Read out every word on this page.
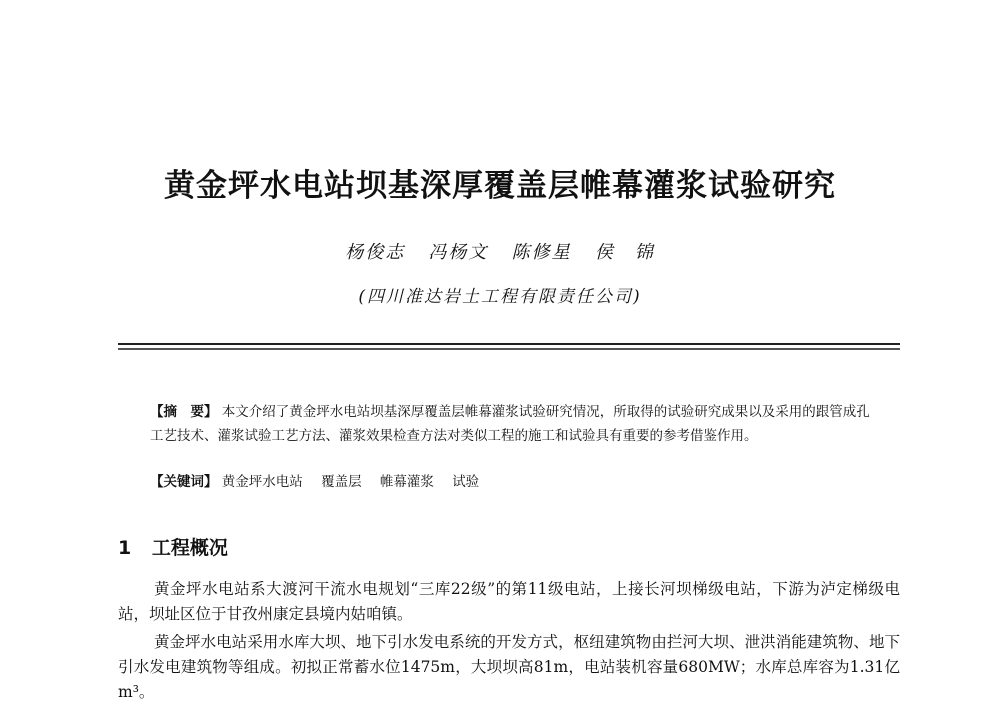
黄金坪水电站坝基深厚覆盖层帷幕灌浆试验研究
杨俊志 冯杨文 陈修星 侯　锦
(四川准达岩土工程有限责任公司)
【摘　要】 本文介绍了黄金坪水电站坝基深厚覆盖层帷幕灌浆试验研究情况，所取得的试验研究成果以及采用的跟管成孔工艺技术、灌浆试验工艺方法、灌浆效果检查方法对类似工程的施工和试验具有重要的参考借鉴作用。
【关键词】 黄金坪水电站 覆盖层 帷幕灌浆 试验
1 工程概况
黄金坪水电站系大渡河干流水电规划“三库22级”的第11级电站，上接长河坝梯级电站，下游为泸定梯级电站，坝址区位于甘孜州康定县境内姑咱镇。
黄金坪水电站采用水库大坝、地下引水发电系统的开发方式，枢纽建筑物由拦河大坝、泄洪消能建筑物、地下引水发电建筑物等组成。初拟正常蓄水位1475m，大坝坝高81m，电站装机容量680MW；水库总库容为1.31亿m³。
